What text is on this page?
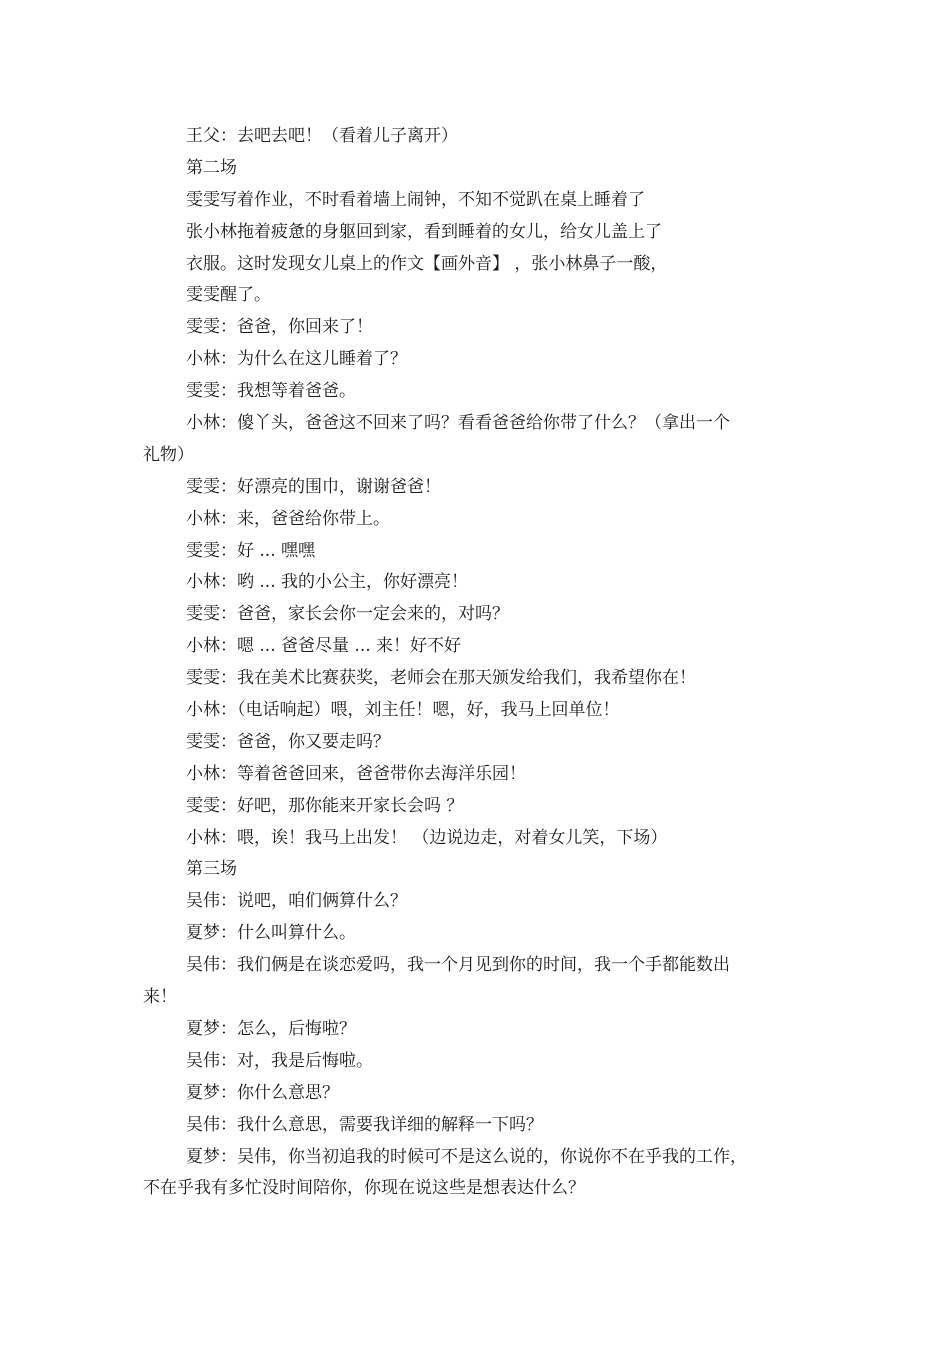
王父：去吧去吧！（看着儿子离开）

第二场

雯雯写着作业，不时看着墙上闹钟，不知不觉趴在桌上睡着了

张小林拖着疲惫的身躯回到家，看到睡着的女儿，给女儿盖上了

衣服。这时发现女儿桌上的作文【画外音】 ，张小林鼻子一酸，

雯雯醒了。

雯雯：爸爸，你回来了！

小林：为什么在这儿睡着了？

雯雯：我想等着爸爸。

小林：傻丫头，爸爸这不回来了吗？看看爸爸给你带了什么？（拿出一个

礼物）

雯雯：好漂亮的围巾，谢谢爸爸！

小林：来，爸爸给你带上。

雯雯：好 ... 嘿嘿

小林：哟 ... 我的小公主，你好漂亮！

雯雯：爸爸，家长会你一定会来的，对吗？

小林：嗯 ... 爸爸尽量 ... 来！好不好

雯雯：我在美术比赛获奖，老师会在那天颁发给我们，我希望你在！

小林：（电话响起）喂，刘主任！嗯，好，我马上回单位！

雯雯：爸爸，你又要走吗？

小林：等着爸爸回来，爸爸带你去海洋乐园！

雯雯：好吧，那你能来开家长会吗 ？

小林：喂，诶！我马上出发！ （边说边走，对着女儿笑，下场）

第三场

吴伟：说吧，咱们俩算什么？

夏梦：什么叫算什么。

吴伟：我们俩是在谈恋爱吗，我一个月见到你的时间，我一个手都能数出

来！

夏梦：怎么，后悔啦？

吴伟：对，我是后悔啦。

夏梦：你什么意思？

吴伟：我什么意思，需要我详细的解释一下吗？

夏梦：吴伟，你当初追我的时候可不是这么说的，你说你不在乎我的工作，

不在乎我有多忙没时间陪你，你现在说这些是想表达什么？
